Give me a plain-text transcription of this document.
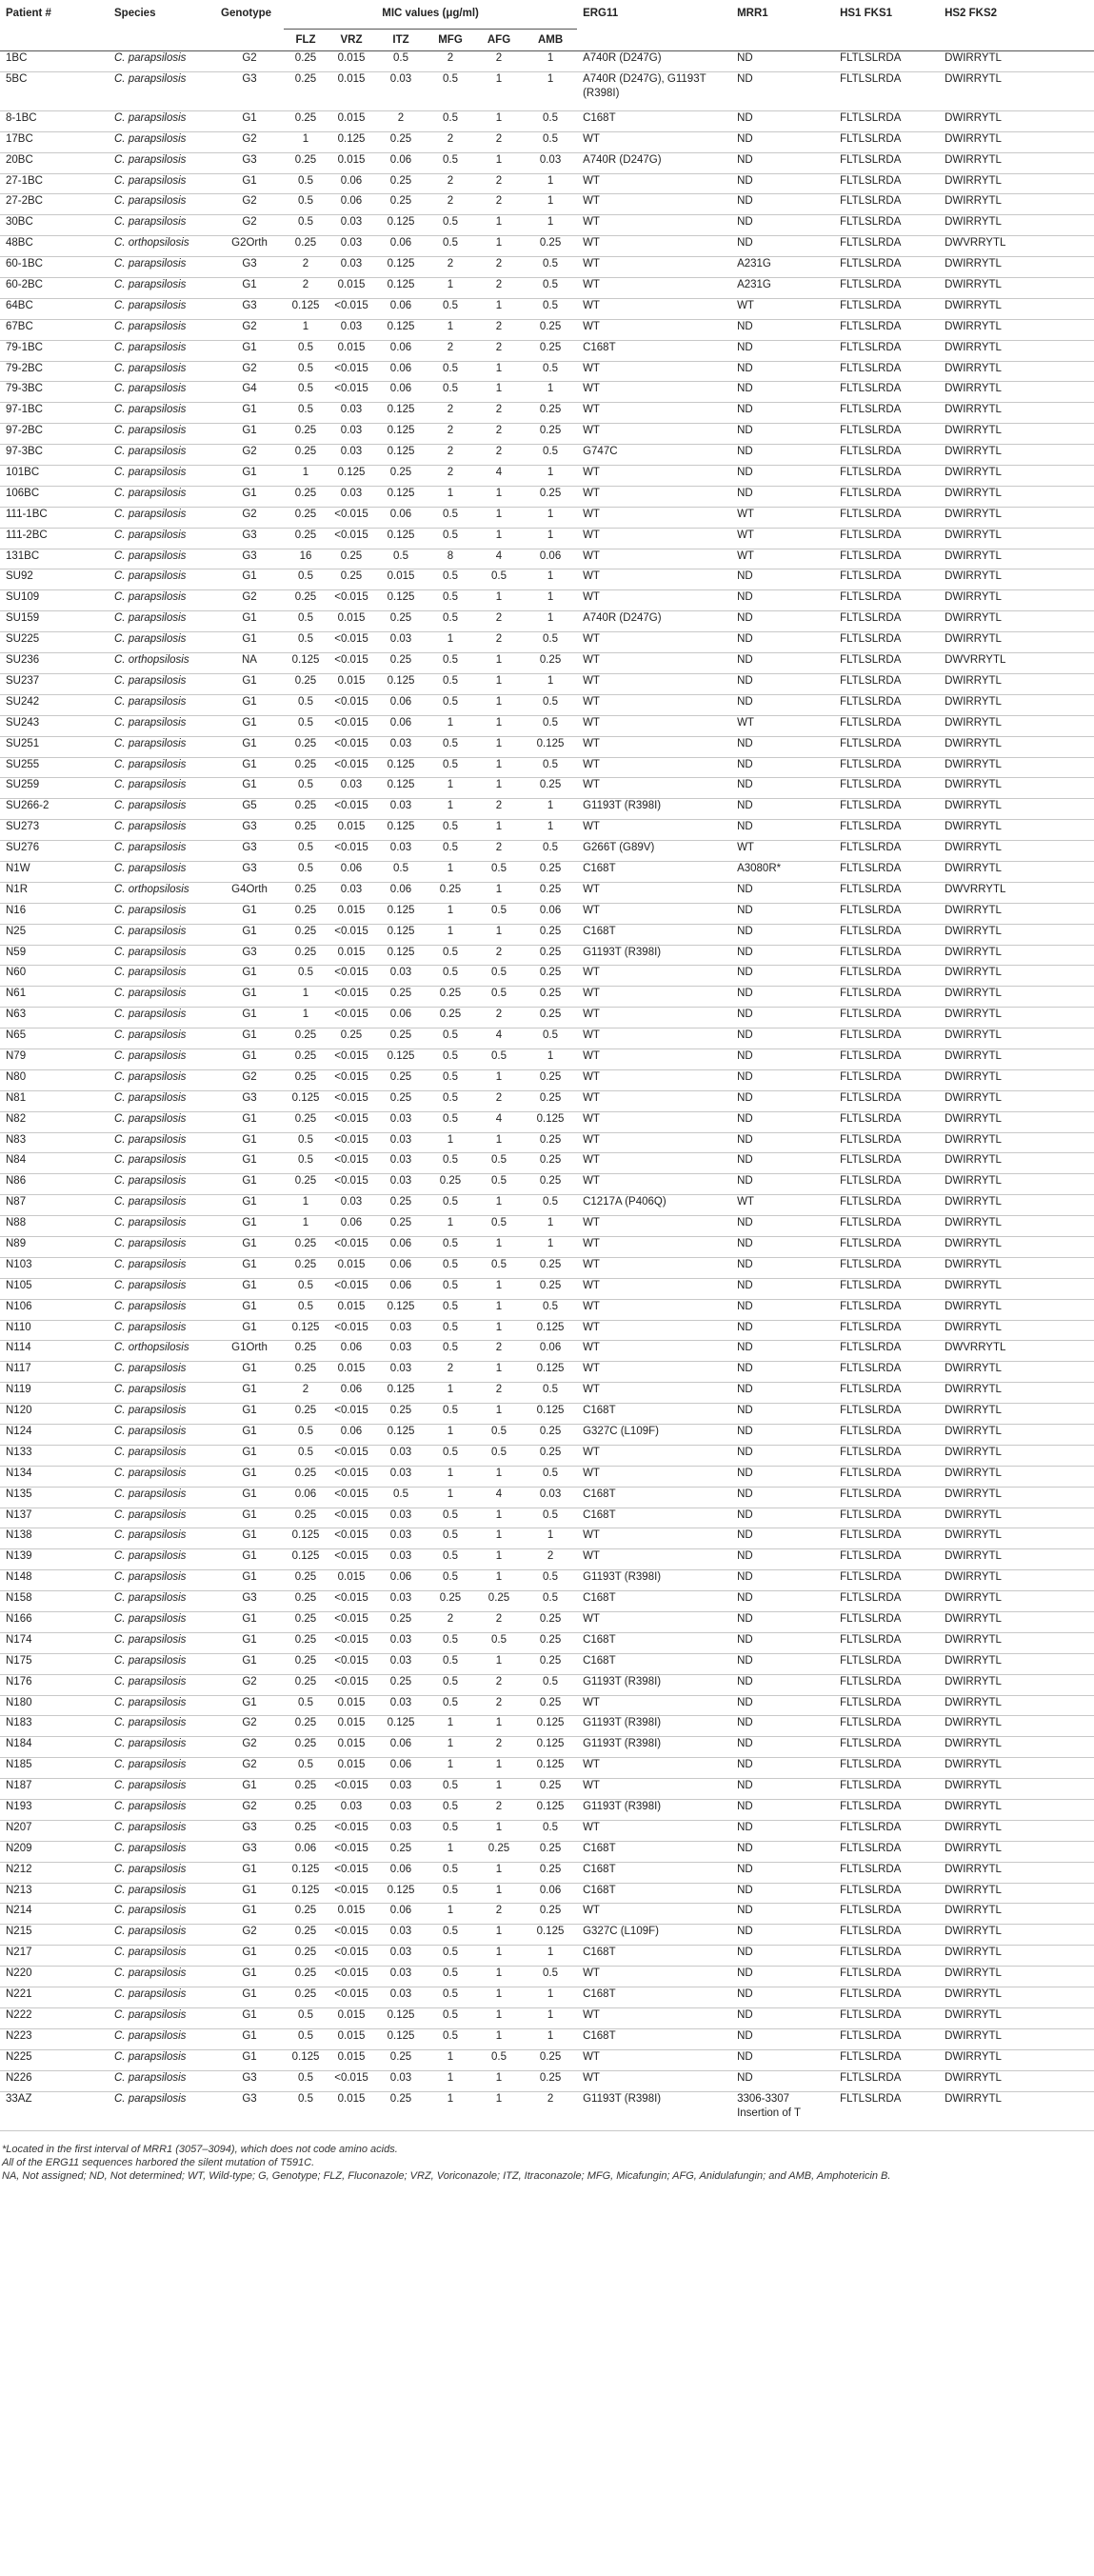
Patient #	Species	Genotype	MIC values (μg/ml)						ERG11	MRR1	HS1 FKS1	HS2 FKS2
			FLZ	VRZ	ITZ	MFG	AFG	AMB				
1BC	C. parapsilosis	G2	0.25	0.015	0.5	2	2	1	A740R (D247G)	ND	FLTLSLRDA	DWIRRYTL
5BC	C. parapsilosis	G3	0.25	0.015	0.03	0.5	1	1	A740R (D247G), G1193T (R398I)	ND	FLTLSLRDA	DWIRRYTL
8-1BC	C. parapsilosis	G1	0.25	0.015	2	0.5	1	0.5	C168T	ND	FLTLSLRDA	DWIRRYTL
17BC	C. parapsilosis	G2	1	0.125	0.25	2	2	0.5	WT	ND	FLTLSLRDA	DWIRRYTL
20BC	C. parapsilosis	G3	0.25	0.015	0.06	0.5	1	0.03	A740R (D247G)	ND	FLTLSLRDA	DWIRRYTL
27-1BC	C. parapsilosis	G1	0.5	0.06	0.25	2	2	1	WT	ND	FLTLSLRDA	DWIRRYTL
27-2BC	C. parapsilosis	G2	0.5	0.06	0.25	2	2	1	WT	ND	FLTLSLRDA	DWIRRYTL
30BC	C. parapsilosis	G2	0.5	0.03	0.125	0.5	1	1	WT	ND	FLTLSLRDA	DWIRRYTL
48BC	C. orthopsilosis	G2Orth	0.25	0.03	0.06	0.5	1	0.25	WT	ND	FLTLSLRDA	DWVRRYTL
60-1BC	C. parapsilosis	G3	2	0.03	0.125	2	2	0.5	WT	A231G	FLTLSLRDA	DWIRRYTL
60-2BC	C. parapsilosis	G1	2	0.015	0.125	1	2	0.5	WT	A231G	FLTLSLRDA	DWIRRYTL
64BC	C. parapsilosis	G3	0.125	<0.015	0.06	0.5	1	0.5	WT	WT	FLTLSLRDA	DWIRRYTL
67BC	C. parapsilosis	G2	1	0.03	0.125	1	2	0.25	WT	ND	FLTLSLRDA	DWIRRYTL
79-1BC	C. parapsilosis	G1	0.5	0.015	0.06	2	2	0.25	C168T	ND	FLTLSLRDA	DWIRRYTL
79-2BC	C. parapsilosis	G2	0.5	<0.015	0.06	0.5	1	0.5	WT	ND	FLTLSLRDA	DWIRRYTL
79-3BC	C. parapsilosis	G4	0.5	<0.015	0.06	0.5	1	1	WT	ND	FLTLSLRDA	DWIRRYTL
97-1BC	C. parapsilosis	G1	0.5	0.03	0.125	2	2	0.25	WT	ND	FLTLSLRDA	DWIRRYTL
97-2BC	C. parapsilosis	G1	0.25	0.03	0.125	2	2	0.25	WT	ND	FLTLSLRDA	DWIRRYTL
97-3BC	C. parapsilosis	G2	0.25	0.03	0.125	2	2	0.5	G747C	ND	FLTLSLRDA	DWIRRYTL
101BC	C. parapsilosis	G1	1	0.125	0.25	2	4	1	WT	ND	FLTLSLRDA	DWIRRYTL
106BC	C. parapsilosis	G1	0.25	0.03	0.125	1	1	0.25	WT	ND	FLTLSLRDA	DWIRRYTL
111-1BC	C. parapsilosis	G2	0.25	<0.015	0.06	0.5	1	1	WT	WT	FLTLSLRDA	DWIRRYTL
111-2BC	C. parapsilosis	G3	0.25	<0.015	0.125	0.5	1	1	WT	WT	FLTLSLRDA	DWIRRYTL
131BC	C. parapsilosis	G3	16	0.25	0.5	8	4	0.06	WT	WT	FLTLSLRDA	DWIRRYTL
SU92	C. parapsilosis	G1	0.5	0.25	0.015	0.5	0.5	1	WT	ND	FLTLSLRDA	DWIRRYTL
SU109	C. parapsilosis	G2	0.25	<0.015	0.125	0.5	1	1	WT	ND	FLTLSLRDA	DWIRRYTL
SU159	C. parapsilosis	G1	0.5	0.015	0.25	0.5	2	1	A740R (D247G)	ND	FLTLSLRDA	DWIRRYTL
SU225	C. parapsilosis	G1	0.5	<0.015	0.03	1	2	0.5	WT	ND	FLTLSLRDA	DWIRRYTL
SU236	C. orthopsilosis	NA	0.125	<0.015	0.25	0.5	1	0.25	WT	ND	FLTLSLRDA	DWVRRYTL
SU237	C. parapsilosis	G1	0.25	0.015	0.125	0.5	1	1	WT	ND	FLTLSLRDA	DWIRRYTL
SU242	C. parapsilosis	G1	0.5	<0.015	0.06	0.5	1	0.5	WT	ND	FLTLSLRDA	DWIRRYTL
SU243	C. parapsilosis	G1	0.5	<0.015	0.06	1	1	0.5	WT	WT	FLTLSLRDA	DWIRRYTL
SU251	C. parapsilosis	G1	0.25	<0.015	0.03	0.5	1	0.125	WT	ND	FLTLSLRDA	DWIRRYTL
SU255	C. parapsilosis	G1	0.25	<0.015	0.125	0.5	1	0.5	WT	ND	FLTLSLRDA	DWIRRYTL
SU259	C. parapsilosis	G1	0.5	0.03	0.125	1	1	0.25	WT	ND	FLTLSLRDA	DWIRRYTL
SU266-2	C. parapsilosis	G5	0.25	<0.015	0.03	1	2	1	G1193T (R398I)	ND	FLTLSLRDA	DWIRRYTL
SU273	C. parapsilosis	G3	0.25	0.015	0.125	0.5	1	1	WT	ND	FLTLSLRDA	DWIRRYTL
SU276	C. parapsilosis	G3	0.5	<0.015	0.03	0.5	2	0.5	G266T (G89V)	WT	FLTLSLRDA	DWIRRYTL
N1W	C. parapsilosis	G3	0.5	0.06	0.5	1	0.5	0.25	C168T	A3080R*	FLTLSLRDA	DWIRRYTL
N1R	C. orthopsilosis	G4Orth	0.25	0.03	0.06	0.25	1	0.25	WT	ND	FLTLSLRDA	DWVRRYTL
N16	C. parapsilosis	G1	0.25	0.015	0.125	1	0.5	0.06	WT	ND	FLTLSLRDA	DWIRRYTL
N25	C. parapsilosis	G1	0.25	<0.015	0.125	1	1	0.25	C168T	ND	FLTLSLRDA	DWIRRYTL
N59	C. parapsilosis	G3	0.25	0.015	0.125	0.5	2	0.25	G1193T (R398I)	ND	FLTLSLRDA	DWIRRYTL
N60	C. parapsilosis	G1	0.5	<0.015	0.03	0.5	0.5	0.25	WT	ND	FLTLSLRDA	DWIRRYTL
N61	C. parapsilosis	G1	1	<0.015	0.25	0.25	0.5	0.25	WT	ND	FLTLSLRDA	DWIRRYTL
N63	C. parapsilosis	G1	1	<0.015	0.06	0.25	2	0.25	WT	ND	FLTLSLRDA	DWIRRYTL
N65	C. parapsilosis	G1	0.25	0.25	0.25	0.5	4	0.5	WT	ND	FLTLSLRDA	DWIRRYTL
N79	C. parapsilosis	G1	0.25	<0.015	0.125	0.5	0.5	1	WT	ND	FLTLSLRDA	DWIRRYTL
N80	C. parapsilosis	G2	0.25	<0.015	0.25	0.5	1	0.25	WT	ND	FLTLSLRDA	DWIRRYTL
N81	C. parapsilosis	G3	0.125	<0.015	0.25	0.5	2	0.25	WT	ND	FLTLSLRDA	DWIRRYTL
N82	C. parapsilosis	G1	0.25	<0.015	0.03	0.5	4	0.125	WT	ND	FLTLSLRDA	DWIRRYTL
N83	C. parapsilosis	G1	0.5	<0.015	0.03	1	1	0.25	WT	ND	FLTLSLRDA	DWIRRYTL
N84	C. parapsilosis	G1	0.5	<0.015	0.03	0.5	0.5	0.25	WT	ND	FLTLSLRDA	DWIRRYTL
N86	C. parapsilosis	G1	0.25	<0.015	0.03	0.25	0.5	0.25	WT	ND	FLTLSLRDA	DWIRRYTL
N87	C. parapsilosis	G1	1	0.03	0.25	0.5	1	0.5	C1217A (P406Q)	WT	FLTLSLRDA	DWIRRYTL
N88	C. parapsilosis	G1	1	0.06	0.25	1	0.5	1	WT	ND	FLTLSLRDA	DWIRRYTL
N89	C. parapsilosis	G1	0.25	<0.015	0.06	0.5	1	1	WT	ND	FLTLSLRDA	DWIRRYTL
N103	C. parapsilosis	G1	0.25	0.015	0.06	0.5	0.5	0.25	WT	ND	FLTLSLRDA	DWIRRYTL
N105	C. parapsilosis	G1	0.5	<0.015	0.06	0.5	1	0.25	WT	ND	FLTLSLRDA	DWIRRYTL
N106	C. parapsilosis	G1	0.5	0.015	0.125	0.5	1	0.5	WT	ND	FLTLSLRDA	DWIRRYTL
N110	C. parapsilosis	G1	0.125	<0.015	0.03	0.5	1	0.125	WT	ND	FLTLSLRDA	DWIRRYTL
N114	C. orthopsilosis	G1Orth	0.25	0.06	0.03	0.5	2	0.06	WT	ND	FLTLSLRDA	DWVRRYTL
N117	C. parapsilosis	G1	0.25	0.015	0.03	2	1	0.125	WT	ND	FLTLSLRDA	DWIRRYTL
N119	C. parapsilosis	G1	2	0.06	0.125	1	2	0.5	WT	ND	FLTLSLRDA	DWIRRYTL
N120	C. parapsilosis	G1	0.25	<0.015	0.25	0.5	1	0.125	C168T	ND	FLTLSLRDA	DWIRRYTL
N124	C. parapsilosis	G1	0.5	0.06	0.125	1	0.5	0.25	G327C (L109F)	ND	FLTLSLRDA	DWIRRYTL
N133	C. parapsilosis	G1	0.5	<0.015	0.03	0.5	0.5	0.25	WT	ND	FLTLSLRDA	DWIRRYTL
N134	C. parapsilosis	G1	0.25	<0.015	0.03	1	1	0.5	WT	ND	FLTLSLRDA	DWIRRYTL
N135	C. parapsilosis	G1	0.06	<0.015	0.5	1	4	0.03	C168T	ND	FLTLSLRDA	DWIRRYTL
N137	C. parapsilosis	G1	0.25	<0.015	0.03	0.5	1	0.5	C168T	ND	FLTLSLRDA	DWIRRYTL
N138	C. parapsilosis	G1	0.125	<0.015	0.03	0.5	1	1	WT	ND	FLTLSLRDA	DWIRRYTL
N139	C. parapsilosis	G1	0.125	<0.015	0.03	0.5	1	2	WT	ND	FLTLSLRDA	DWIRRYTL
N148	C. parapsilosis	G1	0.25	0.015	0.06	0.5	1	0.5	G1193T (R398I)	ND	FLTLSLRDA	DWIRRYTL
N158	C. parapsilosis	G3	0.25	<0.015	0.03	0.25	0.25	0.5	C168T	ND	FLTLSLRDA	DWIRRYTL
N166	C. parapsilosis	G1	0.25	<0.015	0.25	2	2	0.25	WT	ND	FLTLSLRDA	DWIRRYTL
N174	C. parapsilosis	G1	0.25	<0.015	0.03	0.5	0.5	0.25	C168T	ND	FLTLSLRDA	DWIRRYTL
N175	C. parapsilosis	G1	0.25	<0.015	0.03	0.5	1	0.25	C168T	ND	FLTLSLRDA	DWIRRYTL
N176	C. parapsilosis	G2	0.25	<0.015	0.25	0.5	2	0.5	G1193T (R398I)	ND	FLTLSLRDA	DWIRRYTL
N180	C. parapsilosis	G1	0.5	0.015	0.03	0.5	2	0.25	WT	ND	FLTLSLRDA	DWIRRYTL
N183	C. parapsilosis	G2	0.25	0.015	0.125	1	1	0.125	G1193T (R398I)	ND	FLTLSLRDA	DWIRRYTL
N184	C. parapsilosis	G2	0.25	0.015	0.06	1	2	0.125	G1193T (R398I)	ND	FLTLSLRDA	DWIRRYTL
N185	C. parapsilosis	G2	0.5	0.015	0.06	1	1	0.125	WT	ND	FLTLSLRDA	DWIRRYTL
N187	C. parapsilosis	G1	0.25	<0.015	0.03	0.5	1	0.25	WT	ND	FLTLSLRDA	DWIRRYTL
N193	C. parapsilosis	G2	0.25	0.03	0.03	0.5	2	0.125	G1193T (R398I)	ND	FLTLSLRDA	DWIRRYTL
N207	C. parapsilosis	G3	0.25	<0.015	0.03	0.5	1	0.5	WT	ND	FLTLSLRDA	DWIRRYTL
N209	C. parapsilosis	G3	0.06	<0.015	0.25	1	0.25	0.25	C168T	ND	FLTLSLRDA	DWIRRYTL
N212	C. parapsilosis	G1	0.125	<0.015	0.06	0.5	1	0.25	C168T	ND	FLTLSLRDA	DWIRRYTL
N213	C. parapsilosis	G1	0.125	<0.015	0.125	0.5	1	0.06	C168T	ND	FLTLSLRDA	DWIRRYTL
N214	C. parapsilosis	G1	0.25	0.015	0.06	1	2	0.25	WT	ND	FLTLSLRDA	DWIRRYTL
N215	C. parapsilosis	G2	0.25	<0.015	0.03	0.5	1	0.125	G327C (L109F)	ND	FLTLSLRDA	DWIRRYTL
N217	C. parapsilosis	G1	0.25	<0.015	0.03	0.5	1	1	C168T	ND	FLTLSLRDA	DWIRRYTL
N220	C. parapsilosis	G1	0.25	<0.015	0.03	0.5	1	0.5	WT	ND	FLTLSLRDA	DWIRRYTL
N221	C. parapsilosis	G1	0.25	<0.015	0.03	0.5	1	1	C168T	ND	FLTLSLRDA	DWIRRYTL
N222	C. parapsilosis	G1	0.5	0.015	0.125	0.5	1	1	WT	ND	FLTLSLRDA	DWIRRYTL
N223	C. parapsilosis	G1	0.5	0.015	0.125	0.5	1	1	C168T	ND	FLTLSLRDA	DWIRRYTL
N225	C. parapsilosis	G1	0.125	0.015	0.25	1	0.5	0.25	WT	ND	FLTLSLRDA	DWIRRYTL
N226	C. parapsilosis	G3	0.5	<0.015	0.03	1	1	0.25	WT	ND	FLTLSLRDA	DWIRRYTL
33AZ	C. parapsilosis	G3	0.5	0.015	0.25	1	1	2	G1193T (R398I)	3306-3307 Insertion of T	FLTLSLRDA	DWIRRYTL

*Located in the first interval of MRR1 (3057–3094), which does not code amino acids.

All of the ERG11 sequences harbored the silent mutation of T591C.

NA, Not assigned; ND, Not determined; WT, Wild-type; G, Genotype; FLZ, Fluconazole; VRZ, Voriconazole; ITZ, Itraconazole; MFG, Micafungin; AFG, Anidulafungin; and AMB, Amphotericin B.
